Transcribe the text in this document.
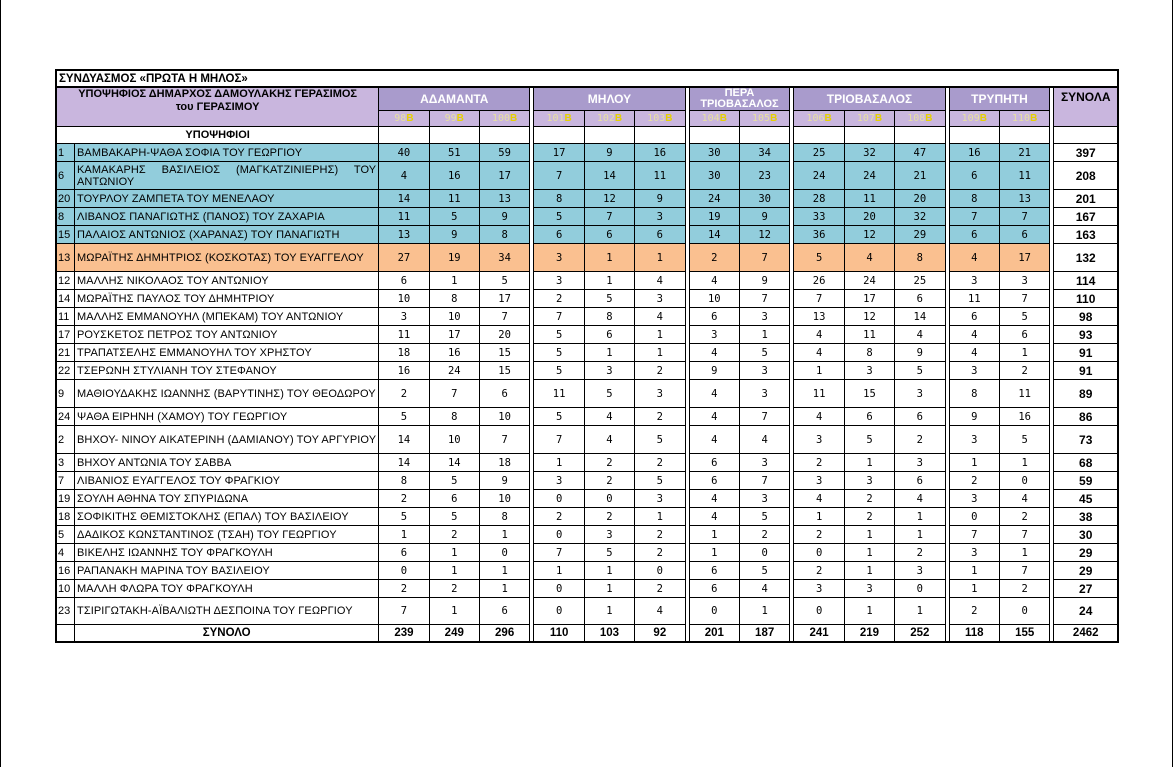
ΣΥΝΔΥΑΣΜΟΣ «ΠΡΩΤΑ Η ΜΗΛΟΣ»																				

ΥΠΟΨΗΦΙΟΣ ΔΗΜΑΡΧΟΣ ΔΑΜΟΥΛΑΚΗΣ ΓΕΡΑΣΙΜΟΣ
του ΓΕΡΑΣΙΜΟΥ		ΑΔΑΜΑΝΤΑ				ΜΗΛΟΥ				ΠΕΡΑ ΤΡΙΟΒΑΣΑΛΟΣ			ΤΡΙΟΒΑΣΑΛΟΣ				ΤΡΥΠΗΤΗ			ΣΥΝΟΛΑ
		98Β	99Β	100Β		101Β	102Β	103Β		104Β	105Β		106Β	107Β	108Β		109Β	110Β		
ΥΠΟΨΗΦΙΟΙ																				
1	ΒΑΜΒΑΚΑΡΗ-ΨΑΘΑ ΣΟΦΙΑ ΤΟΥ ΓΕΩΡΓΙΟΥ	40	51	59		17	9	16		30	34		25	32	47		16	21		397
6	ΚΑΜΑΚΑΡΗΣ ΒΑΣΙΛΕΙΟΣ (ΜΑΓΚΑΤΖΙΝΙΕΡΗΣ) ΤΟΥ ΑΝΤΩΝΙΟΥ	4	16	17		7	14	11		30	23		24	24	21		6	11		208
20	ΤΟΥΡΛΟΥ ΖΑΜΠΕΤΑ ΤΟΥ ΜΕΝΕΛΑΟΥ	14	11	13		8	12	9		24	30		28	11	20		8	13		201
8	ΛΙΒΑΝΟΣ ΠΑΝΑΓΙΩΤΗΣ (ΠΑΝΟΣ) ΤΟΥ ΖΑΧΑΡΙΑ	11	5	9		5	7	3		19	9		33	20	32		7	7		167
15	ΠΑΛΑΙΟΣ ΑΝΤΩΝΙΟΣ (ΧΑΡΑΝΑΣ) ΤΟΥ ΠΑΝΑΓΙΩΤΗ	13	9	8		6	6	6		14	12		36	12	29		6	6		163
13	ΜΩΡΑΪΤΗΣ ΔΗΜΗΤΡΙΟΣ (ΚΟΣΚΟΤΑΣ) ΤΟΥ ΕΥΑΓΓΕΛΟΥ	27	19	34		3	1	1		2	7		5	4	8		4	17		132
12	ΜΑΛΛΗΣ ΝΙΚΟΛΑΟΣ ΤΟΥ ΑΝΤΩΝΙΟΥ	6	1	5		3	1	4		4	9		26	24	25		3	3		114
14	ΜΩΡΑΪΤΗΣ ΠΑΥΛΟΣ ΤΟΥ ΔΗΜΗΤΡΙΟΥ	10	8	17		2	5	3		10	7		7	17	6		11	7		110
11	ΜΑΛΛΗΣ ΕΜΜΑΝΟΥΗΛ (ΜΠΕΚΑΜ) ΤΟΥ ΑΝΤΩΝΙΟΥ	3	10	7		7	8	4		6	3		13	12	14		6	5		98
17	ΡΟΥΣΚΕΤΟΣ ΠΕΤΡΟΣ ΤΟΥ ΑΝΤΩΝΙΟΥ	11	17	20		5	6	1		3	1		4	11	4		4	6		93
21	ΤΡΑΠΑΤΣΕΛΗΣ ΕΜΜΑΝΟΥΗΛ ΤΟΥ ΧΡΗΣΤΟΥ	18	16	15		5	1	1		4	5		4	8	9		4	1		91
22	ΤΣΕΡΩΝΗ ΣΤΥΛΙΑΝΗ ΤΟΥ ΣΤΕΦΑΝΟΥ	16	24	15		5	3	2		9	3		1	3	5		3	2		91
9	ΜΑΘΙΟΥΔΑΚΗΣ ΙΩΑΝΝΗΣ (ΒΑΡΥΤΙΝΗΣ) ΤΟΥ ΘΕΟΔΩΡΟΥ	2	7	6		11	5	3		4	3		11	15	3		8	11		89
24	ΨΑΘΑ ΕΙΡΗΝΗ (ΧΑΜΟΥ) ΤΟΥ ΓΕΩΡΓΙΟΥ	5	8	10		5	4	2		4	7		4	6	6		9	16		86
2	ΒΗΧΟΥ- ΝΙΝΟΥ ΑΙΚΑΤΕΡΙΝΗ (ΔΑΜΙΑΝΟΥ) ΤΟΥ ΑΡΓΥΡΙΟΥ	14	10	7		7	4	5		4	4		3	5	2		3	5		73
3	ΒΗΧΟΥ ΑΝΤΩΝΙΑ ΤΟΥ ΣΑΒΒΑ	14	14	18		1	2	2		6	3		2	1	3		1	1		68
7	ΛΙΒΑΝΙΟΣ ΕΥΑΓΓΕΛΟΣ ΤΟΥ ΦΡΑΓΚΙΟΥ	8	5	9		3	2	5		6	7		3	3	6		2	0		59
19	ΣΟΥΛΗ ΑΘΗΝΑ ΤΟΥ ΣΠΥΡΙΔΩΝΑ	2	6	10		0	0	3		4	3		4	2	4		3	4		45
18	ΣΟΦΙΚΙΤΗΣ ΘΕΜΙΣΤΟΚΛΗΣ (ΕΠΑΛ) ΤΟΥ ΒΑΣΙΛΕΙΟΥ	5	5	8		2	2	1		4	5		1	2	1		0	2		38
5	ΔΑΔΙΚΟΣ ΚΩΝΣΤΑΝΤΙΝΟΣ (ΤΣΑΗ) ΤΟΥ ΓΕΩΡΓΙΟΥ	1	2	1		0	3	2		1	2		2	1	1		7	7		30
4	ΒΙΚΕΛΗΣ ΙΩΑΝΝΗΣ ΤΟΥ ΦΡΑΓΚΟΥΛΗ	6	1	0		7	5	2		1	0		0	1	2		3	1		29
16	ΡΑΠΑΝΑΚΗ ΜΑΡΙΝΑ ΤΟΥ ΒΑΣΙΛΕΙΟΥ	0	1	1		1	1	0		6	5		2	1	3		1	7		29
10	ΜΑΛΛΗ ΦΛΩΡΑ ΤΟΥ ΦΡΑΓΚΟΥΛΗ	2	2	1		0	1	2		6	4		3	3	0		1	2		27
23	ΤΣΙΡΙΓΩΤΑΚΗ-ΑΪΒΑΛΙΩΤΗ ΔΕΣΠΟΙΝΑ ΤΟΥ ΓΕΩΡΓΙΟΥ	7	1	6		0	1	4		0	1		0	1	1		2	0		24
	ΣΥΝΟΛΟ	239	249	296		110	103	92		201	187		241	219	252		118	155		2462
